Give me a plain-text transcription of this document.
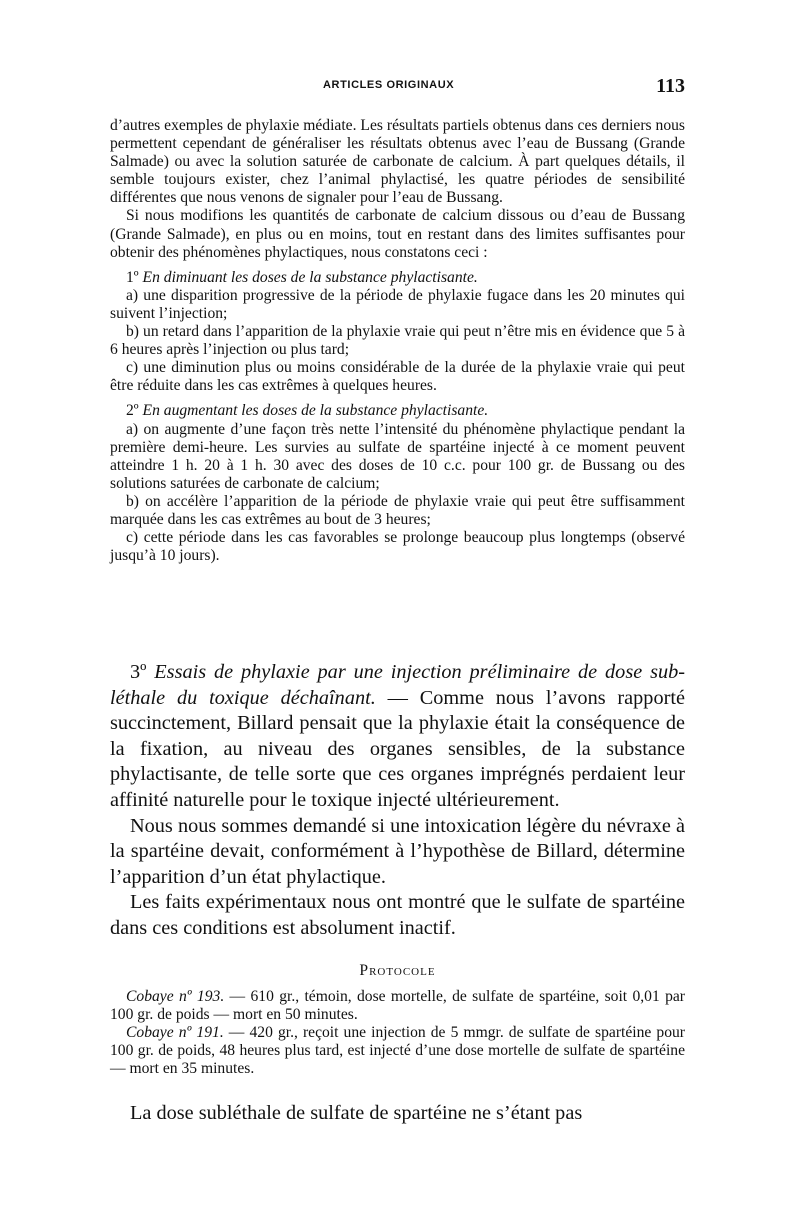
ARTICLES ORIGINAUX	113

d’autres exemples de phylaxie médiate. Les résultats partiels obtenus dans ces derniers nous permettent cependant de généraliser les résultats obtenus avec l’eau de Bussang (Grande Salmade) ou avec la solution saturée de carbonate de calcium. À part quelques détails, il semble toujours exister, chez l’animal phylactisé, les quatre périodes de sensibilité différentes que nous venons de signaler pour l’eau de Bussang.

Si nous modifions les quantités de carbonate de calcium dissous ou d’eau de Bussang (Grande Salmade), en plus ou en moins, tout en restant dans des limites suffisantes pour obtenir des phénomènes phylactiques, nous constatons ceci :

1º En diminuant les doses de la substance phylactisante.

a) une disparition progressive de la période de phylaxie fugace dans les 20 minutes qui suivent l’injection;

b) un retard dans l’apparition de la phylaxie vraie qui peut n’être mis en évidence que 5 à 6 heures après l’injection ou plus tard;

c) une diminution plus ou moins considérable de la durée de la phylaxie vraie qui peut être réduite dans les cas extrêmes à quelques heures.

2º En augmentant les doses de la substance phylactisante.

a) on augmente d’une façon très nette l’intensité du phénomène phylactique pendant la première demi-heure. Les survies au sulfate de spartéine injecté à ce moment peuvent atteindre 1 h. 20 à 1 h. 30 avec des doses de 10 c.c. pour 100 gr. de Bussang ou des solutions saturées de carbonate de calcium;

b) on accélère l’apparition de la période de phylaxie vraie qui peut être suffisamment marquée dans les cas extrêmes au bout de 3 heures;

c) cette période dans les cas favorables se prolonge beaucoup plus longtemps (observé jusqu’à 10 jours).

3º Essais de phylaxie par une injection préliminaire de dose sub-léthale du toxique déchaînant. — Comme nous l’avons rapporté succinctement, Billard pensait que la phylaxie était la conséquence de la fixation, au niveau des organes sensibles, de la substance phylactisante, de telle sorte que ces organes imprégnés perdaient leur affinité naturelle pour le toxique injecté ultérieurement.

Nous nous sommes demandé si une intoxication légère du névraxe à la spartéine devait, conformément à l’hypothèse de Billard, détermine l’apparition d’un état phylactique.

Les faits expérimentaux nous ont montré que le sulfate de spartéine dans ces conditions est absolument inactif.

Protocole

Cobaye nº 193. — 610 gr., témoin, dose mortelle, de sulfate de spartéine, soit 0,01 par 100 gr. de poids — mort en 50 minutes.

Cobaye nº 191. — 420 gr., reçoit une injection de 5 mmgr. de sulfate de spartéine pour 100 gr. de poids, 48 heures plus tard, est injecté d’une dose mortelle de sulfate de spartéine — mort en 35 minutes.

La dose subléthale de sulfate de spartéine ne s’étant pas
